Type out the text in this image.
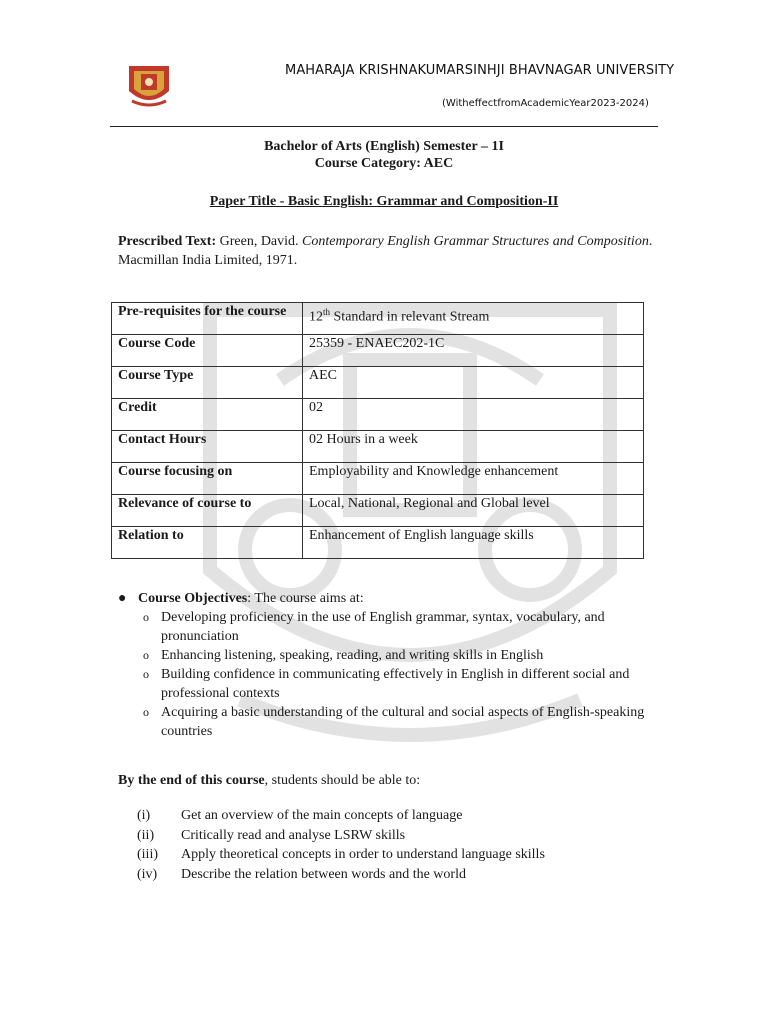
MAHARAJA KRISHNAKUMARSINHJI BHAVNAGAR UNIVERSITY
(WitheffectfromAcademicYear2023-2024)
Bachelor of Arts (English) Semester – 1I
Course Category: AEC
Paper Title - Basic English: Grammar and Composition-II
Prescribed Text: Green, David. Contemporary English Grammar Structures and Composition. Macmillan India Limited, 1971.
Pre-requisites for the course	12th Standard in relevant Stream
Course Code	25359 - ENAEC202-1C
Course Type	AEC
Credit	02
Contact Hours	02 Hours in a week
Course focusing on	Employability and Knowledge enhancement
Relevance of course to	Local, National, Regional and Global level
Relation to	Enhancement of English language skills
● Course Objectives: The course aims at:
o Developing proficiency in the use of English grammar, syntax, vocabulary, and pronunciation
o Enhancing listening, speaking, reading, and writing skills in English
o Building confidence in communicating effectively in English in different social and professional contexts
o Acquiring a basic understanding of the cultural and social aspects of English-speaking countries
By the end of this course, students should be able to:
(i) Get an overview of the main concepts of language
(ii) Critically read and analyse LSRW skills
(iii) Apply theoretical concepts in order to understand language skills
(iv) Describe the relation between words and the world
